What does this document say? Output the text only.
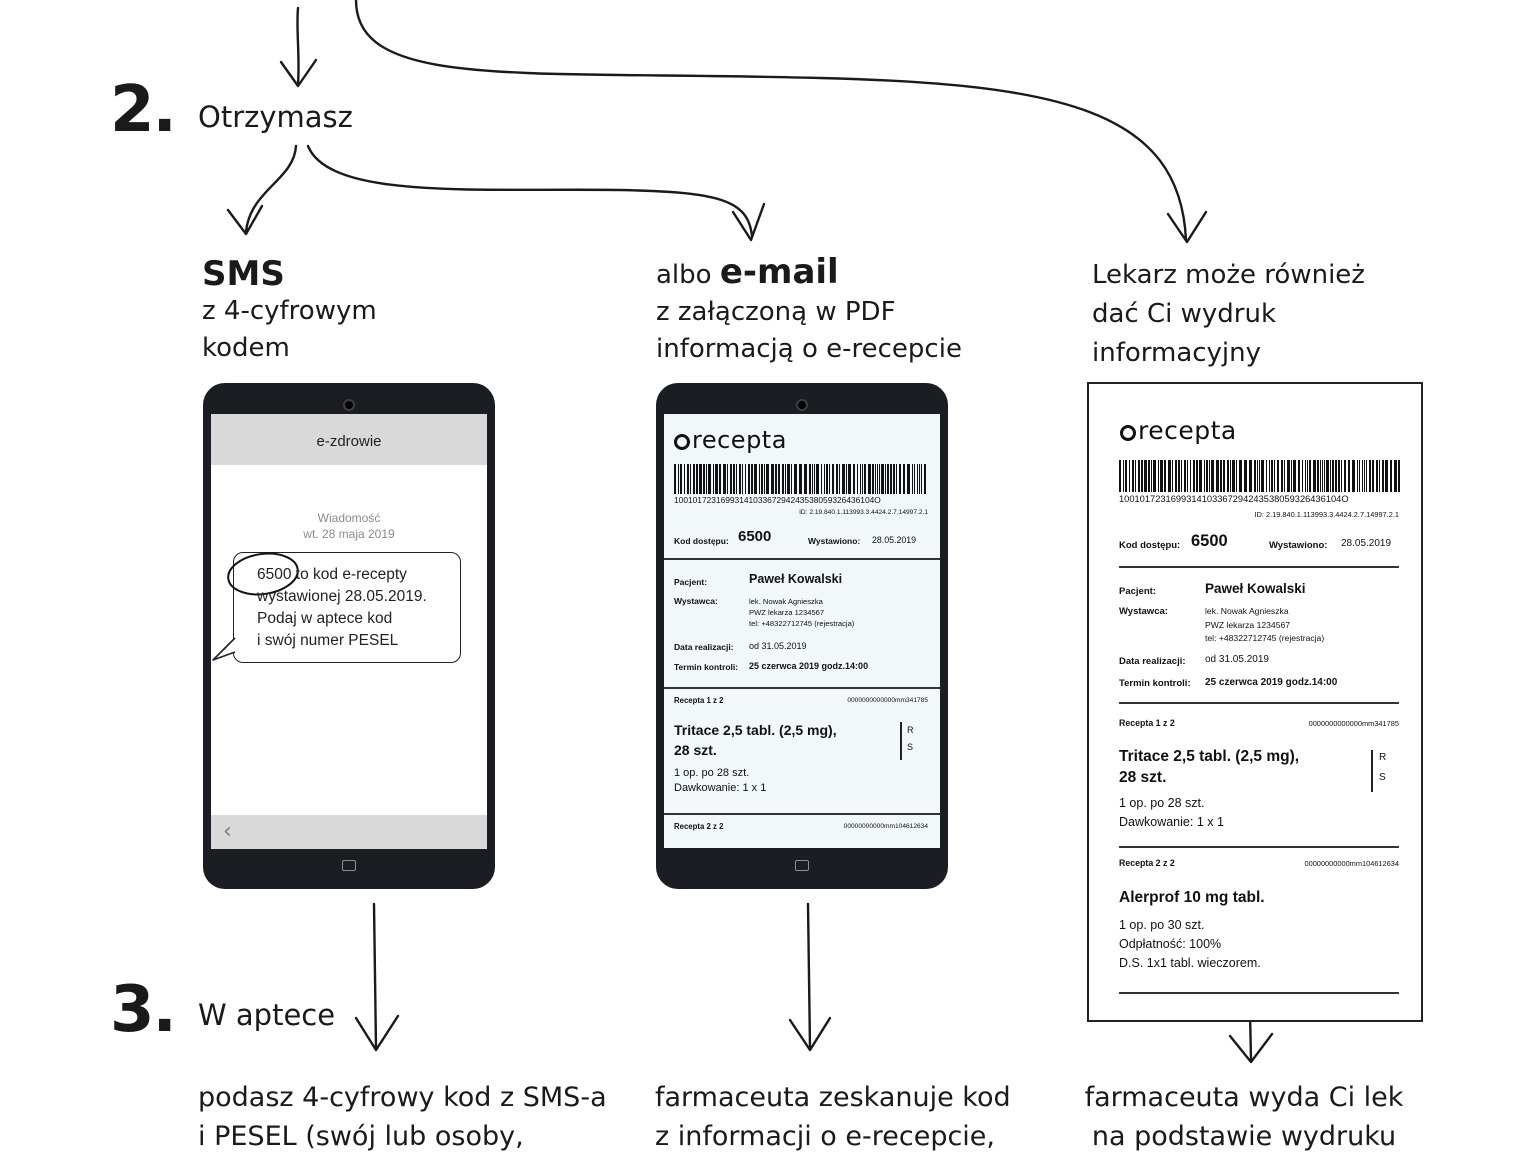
2. Otrzymasz
3. W aptece
SMS
z 4-cyfrowym
kodem
albo e-mail
z załączoną w PDF
informacją o e-recepcie
Lekarz może również
dać Ci wydruk
informacyjny
e-zdrowie
Wiadomość
wt. 28 maja 2019
6500 to kod e-recepty
wystawionej 28.05.2019.
Podaj w aptece kod
i swój numer PESEL
‹
recepta
1001017231699314103367294243538059326436104O
ID: 2.19.840.1.113993.3.4424.2.7.14997.2.1
Kod dostępu: 6500	Wystawiono: 28.05.2019
Pacjent:	Paweł Kowalski
Wystawca:	lek. Nowak Agnieszka
PWZ lekarza 1234567
tel: +48322712745 (rejestracja)
Data realizacji: od 31.05.2019
Termin kontroli: 25 czerwca 2019 godz.14:00
Recepta 1 z 2	0000000000000mm341785
Tritace 2,5 tabl. (2,5 mg),
28 szt.
R
S
1 op. po 28 szt.
Dawkowanie: 1 x 1
Recepta 2 z 2	00000000000mm104612634
recepta
1001017231699314103367294243538059326436104O
ID: 2.19.840.1.113993.3.4424.2.7.14997.2.1
Kod dostępu: 6500	Wystawiono: 28.05.2019
Pacjent:	Paweł Kowalski
Wystawca:	lek. Nowak Agnieszka
PWZ lekarza 1234567
tel: +48322712745 (rejestracja)
Data realizacji: od 31.05.2019
Termin kontroli: 25 czerwca 2019 godz.14:00
Recepta 1 z 2	0000000000000mm341785
Tritace 2,5 tabl. (2,5 mg),
28 szt.
R
S
1 op. po 28 szt.
Dawkowanie: 1 x 1
Recepta 2 z 2	00000000000mm104612634
Alerprof 10 mg tabl.
1 op. po 30 szt.
Odpłatność: 100%
D.S. 1x1 tabl. wieczorem.
podasz 4-cyfrowy kod z SMS-a
i PESEL (swój lub osoby,
farmaceuta zeskanuje kod
z informacji o e-recepcie,
farmaceuta wyda Ci lek
na podstawie wydruku
